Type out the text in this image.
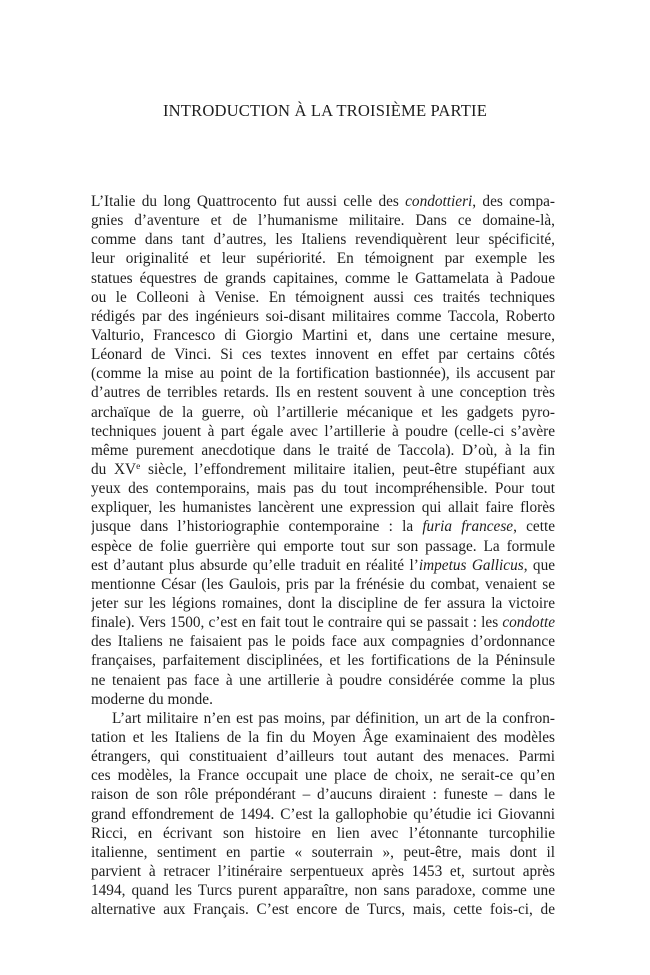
INTRODUCTION À LA TROISIÈME PARTIE
L’Italie du long Quattrocento fut aussi celle des condottieri, des compa-
gnies d’aventure et de l’humanisme militaire. Dans ce domaine-là,
comme dans tant d’autres, les Italiens revendiquèrent leur spécificité,
leur originalité et leur supériorité. En témoignent par exemple les
statues équestres de grands capitaines, comme le Gattamelata à Padoue
ou le Colleoni à Venise. En témoignent aussi ces traités techniques
rédigés par des ingénieurs soi-disant militaires comme Taccola, Roberto
Valturio, Francesco di Giorgio Martini et, dans une certaine mesure,
Léonard de Vinci. Si ces textes innovent en effet par certains côtés
(comme la mise au point de la fortification bastionnée), ils accusent par
d’autres de terribles retards. Ils en restent souvent à une conception très
archaïque de la guerre, où l’artillerie mécanique et les gadgets pyro-
techniques jouent à part égale avec l’artillerie à poudre (celle-ci s’avère
même purement anecdotique dans le traité de Taccola). D’où, à la fin
du XVe siècle, l’effondrement militaire italien, peut-être stupéfiant aux
yeux des contemporains, mais pas du tout incompréhensible. Pour tout
expliquer, les humanistes lancèrent une expression qui allait faire florès
jusque dans l’historiographie contemporaine : la furia francese, cette
espèce de folie guerrière qui emporte tout sur son passage. La formule
est d’autant plus absurde qu’elle traduit en réalité l’impetus Gallicus, que
mentionne César (les Gaulois, pris par la frénésie du combat, venaient se
jeter sur les légions romaines, dont la discipline de fer assura la victoire
finale). Vers 1500, c’est en fait tout le contraire qui se passait : les condotte
des Italiens ne faisaient pas le poids face aux compagnies d’ordonnance
françaises, parfaitement disciplinées, et les fortifications de la Péninsule
ne tenaient pas face à une artillerie à poudre considérée comme la plus
moderne du monde.
L’art militaire n’en est pas moins, par définition, un art de la confron-
tation et les Italiens de la fin du Moyen Âge examinaient des modèles
étrangers, qui constituaient d’ailleurs tout autant des menaces. Parmi
ces modèles, la France occupait une place de choix, ne serait-ce qu’en
raison de son rôle prépondérant – d’aucuns diraient : funeste – dans le
grand effondrement de 1494. C’est la gallophobie qu’étudie ici Giovanni
Ricci, en écrivant son histoire en lien avec l’étonnante turcophilie
italienne, sentiment en partie « souterrain », peut-être, mais dont il
parvient à retracer l’itinéraire serpentueux après 1453 et, surtout après
1494, quand les Turcs purent apparaître, non sans paradoxe, comme une
alternative aux Français. C’est encore de Turcs, mais, cette fois-ci, de
